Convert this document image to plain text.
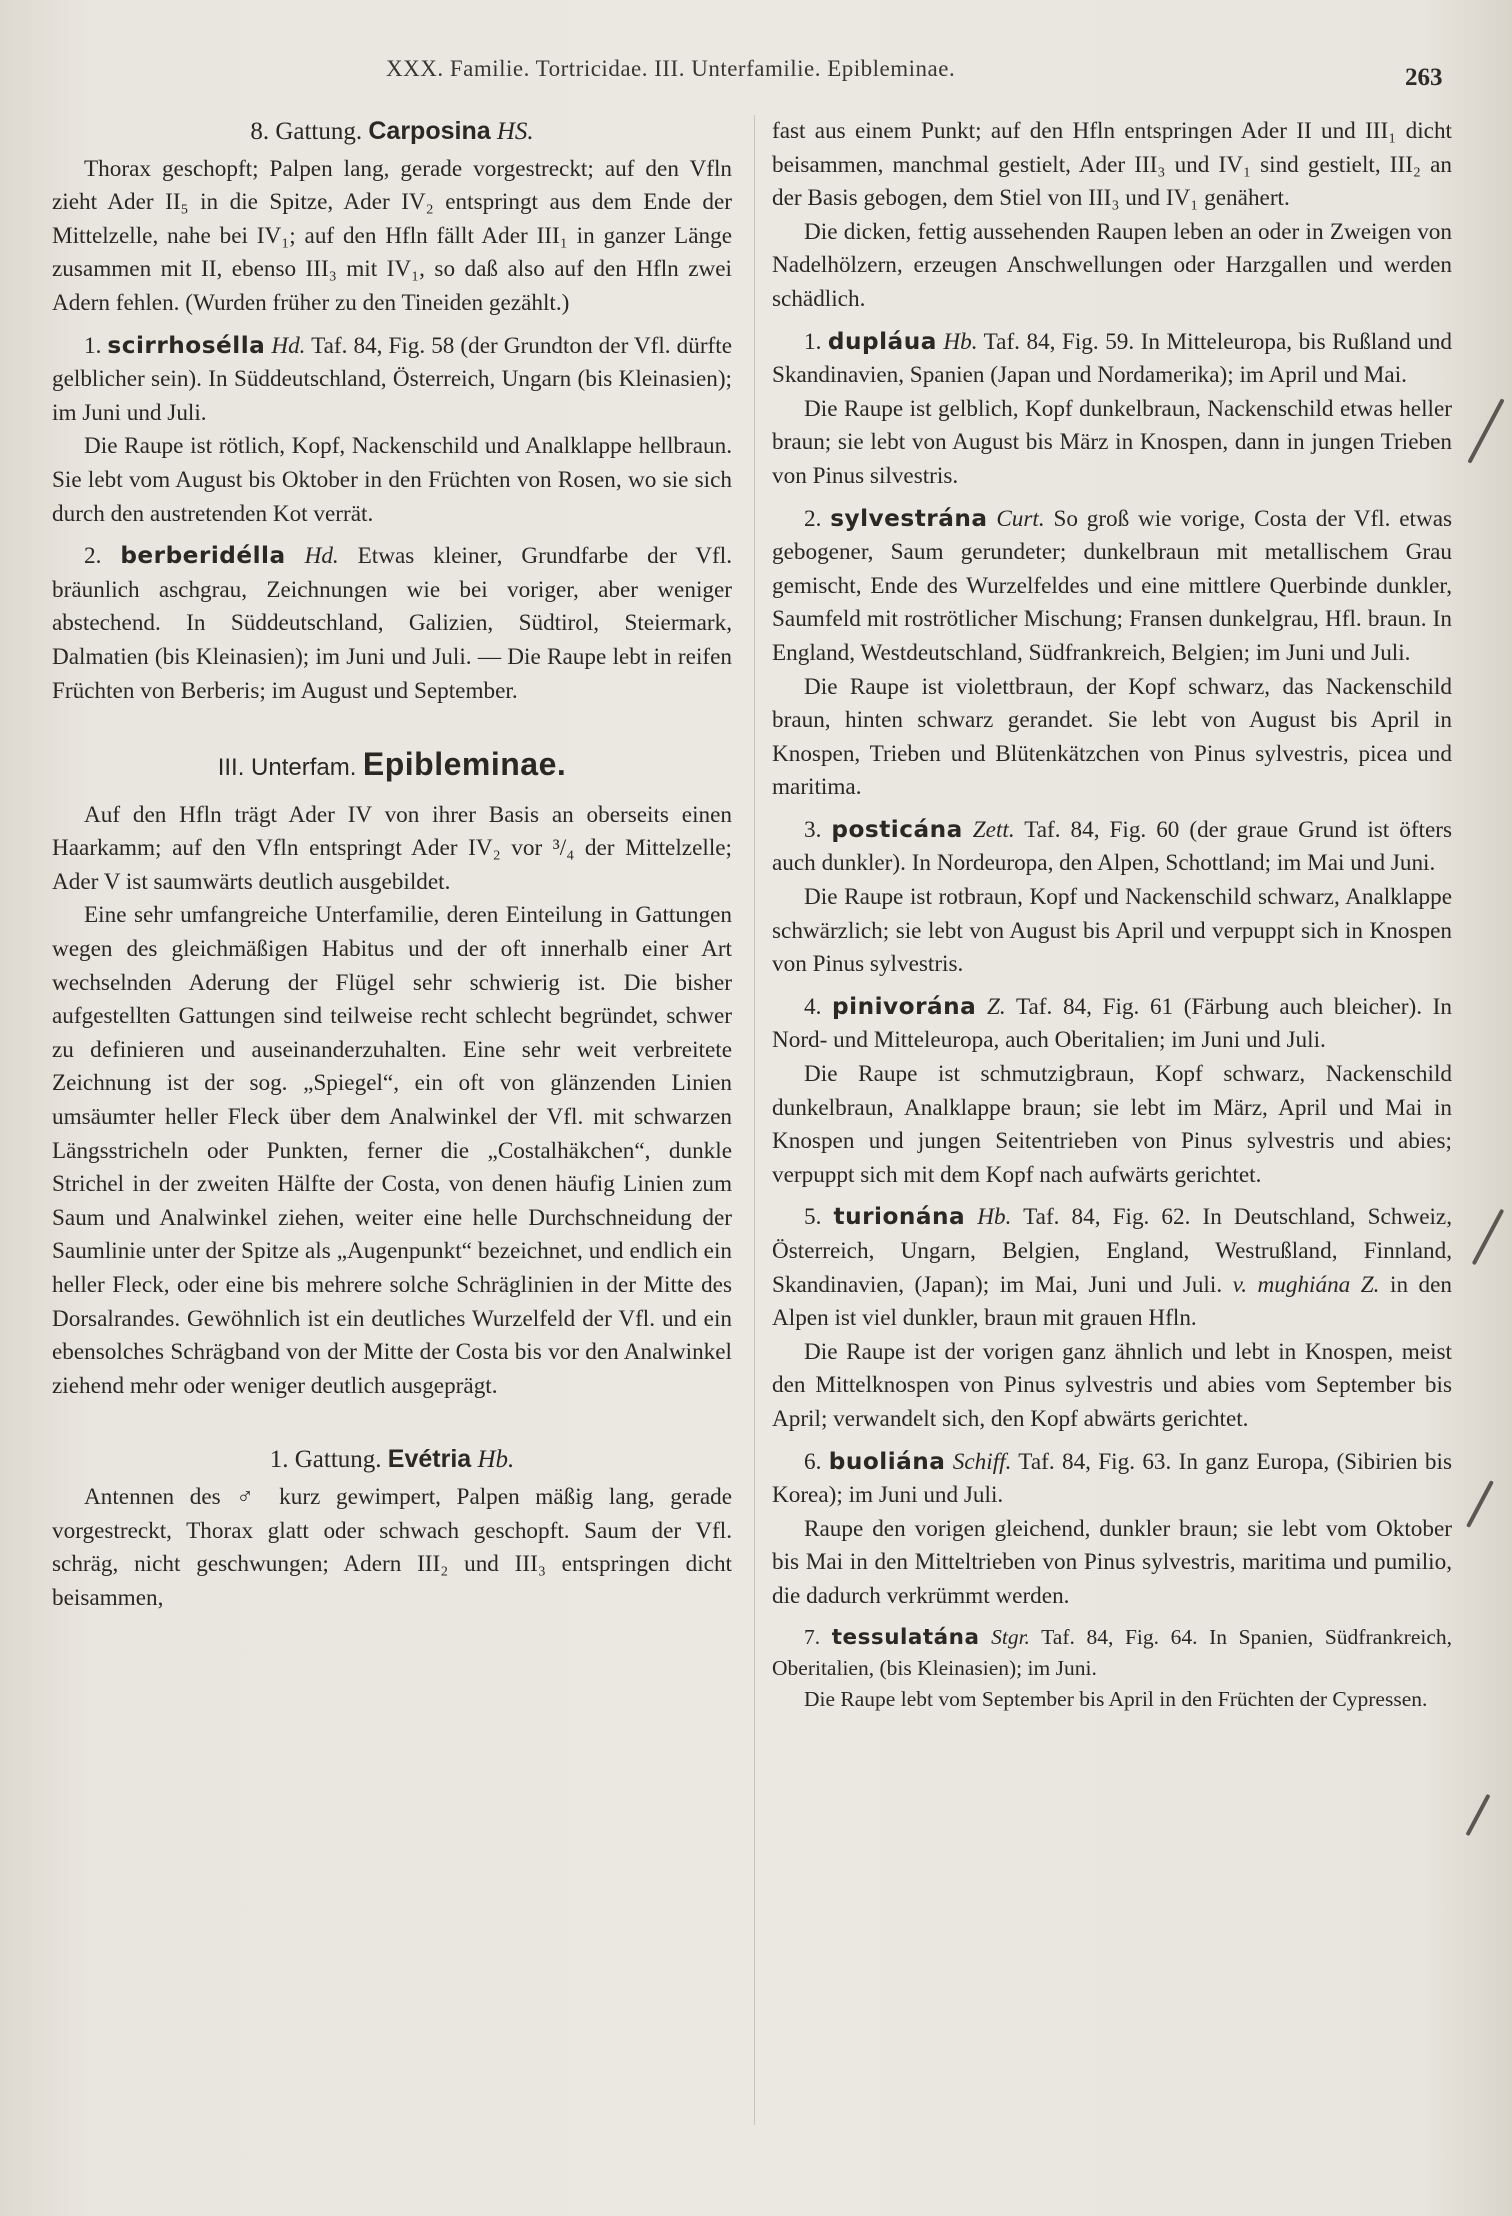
XXX. Familie. Tortricidae. III. Unterfamilie. Epibleminae.	263
8. Gattung. Carposina HS.

Thorax geschopft; Palpen lang, gerade vorgestreckt; auf den Vfln zieht Ader II₅ in die Spitze, Ader IV₂ entspringt aus dem Ende der Mittelzelle, nahe bei IV₁; auf den Hfln fällt Ader III₁ in ganzer Länge zusammen mit II, ebenso III₃ mit IV₁, so daß also auf den Hfln zwei Adern fehlen. (Wurden früher zu den Tineiden gezählt.)

1. scirrhosélla Hd. Taf. 84, Fig. 58 (der Grundton der Vfl. dürfte gelblicher sein). In Süddeutschland, Österreich, Ungarn (bis Kleinasien); im Juni und Juli.

Die Raupe ist rötlich, Kopf, Nackenschild und Analklappe hellbraun. Sie lebt vom August bis Oktober in den Früchten von Rosen, wo sie sich durch den austretenden Kot verrät.

2. berberidélla Hd. Etwas kleiner, Grundfarbe der Vfl. bräunlich aschgrau, Zeichnungen wie bei voriger, aber weniger abstechend. In Süddeutschland, Galizien, Südtirol, Steiermark, Dalmatien (bis Kleinasien); im Juni und Juli. — Die Raupe lebt in reifen Früchten von Berberis; im August und September.

III. Unterfam. Epibleminae.

Auf den Hfln trägt Ader IV von ihrer Basis an oberseits einen Haarkamm; auf den Vfln entspringt Ader IV₂ vor ³/₄ der Mittelzelle; Ader V ist saumwärts deutlich ausgebildet.

Eine sehr umfangreiche Unterfamilie, deren Einteilung in Gattungen wegen des gleichmäßigen Habitus und der oft innerhalb einer Art wechselnden Aderung der Flügel sehr schwierig ist. Die bisher aufgestellten Gattungen sind teilweise recht schlecht begründet, schwer zu definieren und auseinanderzuhalten. Eine sehr weit verbreitete Zeichnung ist der sog. „Spiegel“, ein oft von glänzenden Linien umsäumter heller Fleck über dem Analwinkel der Vfl. mit schwarzen Längsstricheln oder Punkten, ferner die „Costalhäkchen“, dunkle Strichel in der zweiten Hälfte der Costa, von denen häufig Linien zum Saum und Analwinkel ziehen, weiter eine helle Durchschneidung der Saumlinie unter der Spitze als „Augenpunkt“ bezeichnet, und endlich ein heller Fleck, oder eine bis mehrere solche Schräglinien in der Mitte des Dorsalrandes. Gewöhnlich ist ein deutliches Wurzelfeld der Vfl. und ein ebensolches Schrägband von der Mitte der Costa bis vor den Analwinkel ziehend mehr oder weniger deutlich ausgeprägt.

1. Gattung. Evétria Hb.

Antennen des ♂ kurz gewimpert, Palpen mäßig lang, gerade vorgestreckt, Thorax glatt oder schwach geschopft. Saum der Vfl. schräg, nicht geschwungen; Adern III₂ und III₃ entspringen dicht beisammen,

fast aus einem Punkt; auf den Hfln entspringen Ader II und III₁ dicht beisammen, manchmal gestielt, Ader III₃ und IV₁ sind gestielt, III₂ an der Basis gebogen, dem Stiel von III₃ und IV₁ genähert.

Die dicken, fettig aussehenden Raupen leben an oder in Zweigen von Nadelhölzern, erzeugen Anschwellungen oder Harzgallen und werden schädlich.

1. dupláua Hb. Taf. 84, Fig. 59. In Mitteleuropa, bis Rußland und Skandinavien, Spanien (Japan und Nordamerika); im April und Mai.

Die Raupe ist gelblich, Kopf dunkelbraun, Nackenschild etwas heller braun; sie lebt von August bis März in Knospen, dann in jungen Trieben von Pinus silvestris.

2. sylvestrána Curt. So groß wie vorige, Costa der Vfl. etwas gebogener, Saum gerundeter; dunkelbraun mit metallischem Grau gemischt, Ende des Wurzelfeldes und eine mittlere Querbinde dunkler, Saumfeld mit roströtlicher Mischung; Fransen dunkelgrau, Hfl. braun. In England, Westdeutschland, Südfrankreich, Belgien; im Juni und Juli.

Die Raupe ist violettbraun, der Kopf schwarz, das Nackenschild braun, hinten schwarz gerandet. Sie lebt von August bis April in Knospen, Trieben und Blütenkätzchen von Pinus sylvestris, picea und maritima.

3. posticána Zett. Taf. 84, Fig. 60 (der graue Grund ist öfters auch dunkler). In Nordeuropa, den Alpen, Schottland; im Mai und Juni.

Die Raupe ist rotbraun, Kopf und Nackenschild schwarz, Analklappe schwärzlich; sie lebt von August bis April und verpuppt sich in Knospen von Pinus sylvestris.

4. pinivorána Z. Taf. 84, Fig. 61 (Färbung auch bleicher). In Nord- und Mitteleuropa, auch Oberitalien; im Juni und Juli.

Die Raupe ist schmutzigbraun, Kopf schwarz, Nackenschild dunkelbraun, Analklappe braun; sie lebt im März, April und Mai in Knospen und jungen Seitentrieben von Pinus sylvestris und abies; verpuppt sich mit dem Kopf nach aufwärts gerichtet.

5. turionána Hb. Taf. 84, Fig. 62. In Deutschland, Schweiz, Österreich, Ungarn, Belgien, England, Westrußland, Finnland, Skandinavien, (Japan); im Mai, Juni und Juli. v. mughiána Z. in den Alpen ist viel dunkler, braun mit grauen Hfln.

Die Raupe ist der vorigen ganz ähnlich und lebt in Knospen, meist den Mittelknospen von Pinus sylvestris und abies vom September bis April; verwandelt sich, den Kopf abwärts gerichtet.

6. buoliána Schiff. Taf. 84, Fig. 63. In ganz Europa, (Sibirien bis Korea); im Juni und Juli.

Raupe den vorigen gleichend, dunkler braun; sie lebt vom Oktober bis Mai in den Mitteltrieben von Pinus sylvestris, maritima und pumilio, die dadurch verkrümmt werden.

7. tessulatána Stgr. Taf. 84, Fig. 64. In Spanien, Südfrankreich, Oberitalien, (bis Kleinasien); im Juni.

Die Raupe lebt vom September bis April in den Früchten der Cypressen.
